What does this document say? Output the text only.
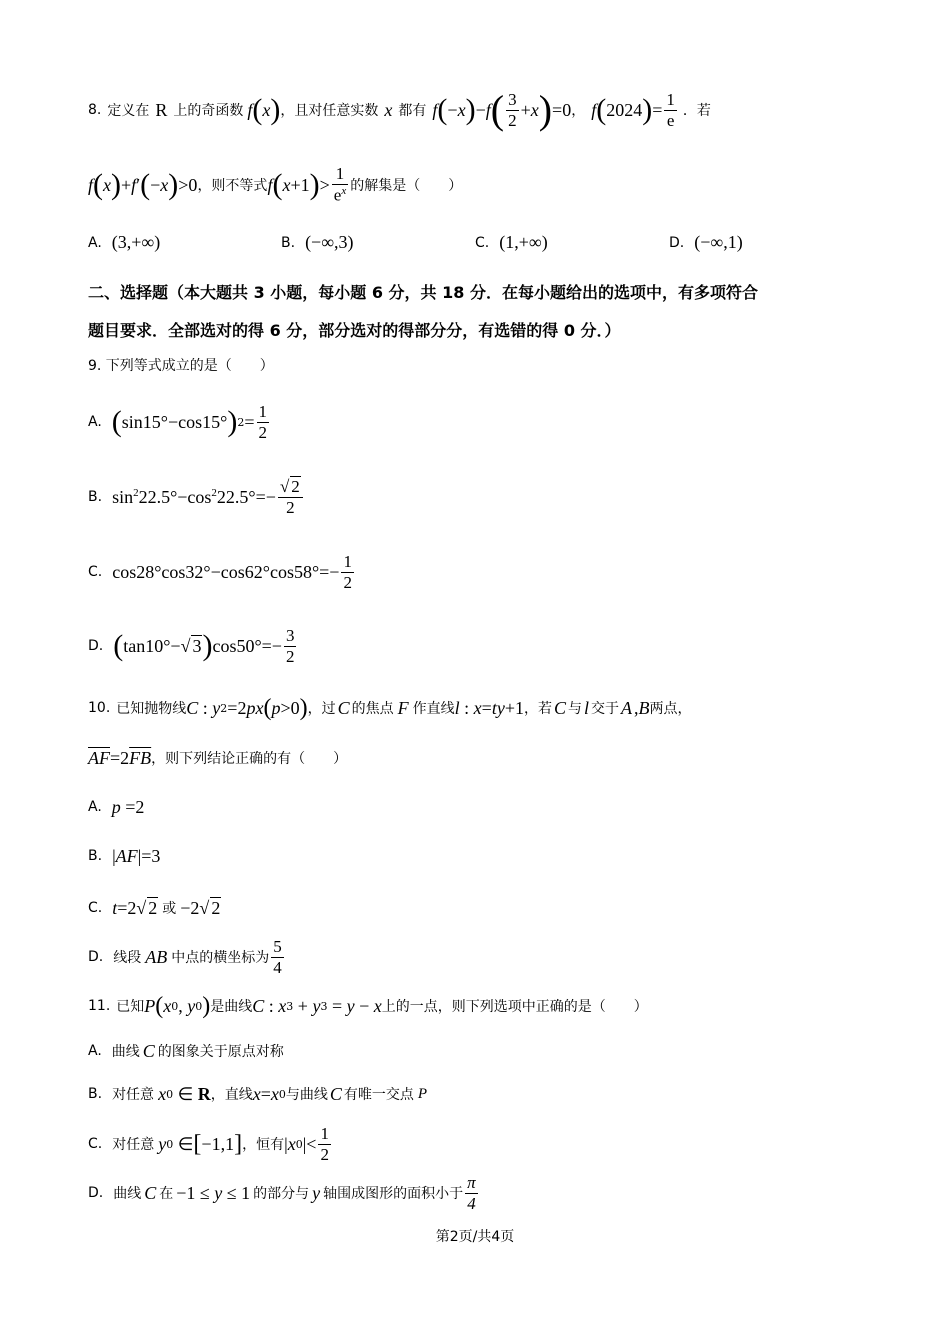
8. 定义在 R 上的奇函数 f ( x ) ，且对任意实数 x 都有 f ( − x ) − f ( $\frac{3}{2} + x$ ) =0 ， f ( 2024 ) = $\frac{1}{e}$ ．若
f ( x ) + f ′ ( − x ) >0 ，则不等式 f ( x +1 ) > $\frac{1}{e^x}$ 的解集是（　　）
A. (3,+∞)	B. (−∞,3)	C. (1,+∞)	D. (−∞,1)
二、选择题（本大题共 3 小题，每小题 6 分，共 18 分．在每小题给出的选项中，有多项符合
题目要求．全部选对的得 6 分，部分选对的得部分分，有选错的得 0 分．）
9. 下列等式成立的是（　　）
A. ( sin15°−cos15° ) $2 = \frac{1}{2}$
B. $\sin^222.5^\circ-\cos^222.5^\circ=- \frac{√ 2}{2}$
C. $\cos 28^\circ\cos 32^\circ-\cos 62^\circ\cos 58^\circ=- \frac{1}{2}$
D. ( tan10°−√ 3 ) $\cos 50^\circ=- \frac{3}{2}$
10. 已知抛物线 C : y 2 =2 px ( p >0 ) ，过 C 的焦点 F 作直线 l : x = ty +1 ，若 C 与 l 交于 A , B 两点，
$\overline{AF} =2$ $\overline{FB}$ ，则下列结论正确的有（　　）
A. p =2
B. | AF |=3
C. t =2√ 2 或 −2√ 2
D. 线段 AB 中点的横坐标为 $\frac{5}{4}$
11. 已知 P ( x 0 , y 0 ) 是曲线 C : x 3 + y 3 = y − x 上的一点，则下列选项中正确的是（　　）
A. 曲线 C 的图象关于原点对称
B. 对任意 x 0 ∈ R ，直线 x = x 0 与曲线 C 有唯一交点 P
C. 对任意 y 0 ∈ [ −1,1 ] ，恒有 | x 0 |< $\frac{1}{2}$
D. 曲线 C 在 −1 ≤ y ≤ 1 的部分与 y 轴围成图形的面积小于 $\frac{\pi}{4}$
第2页/共4页
